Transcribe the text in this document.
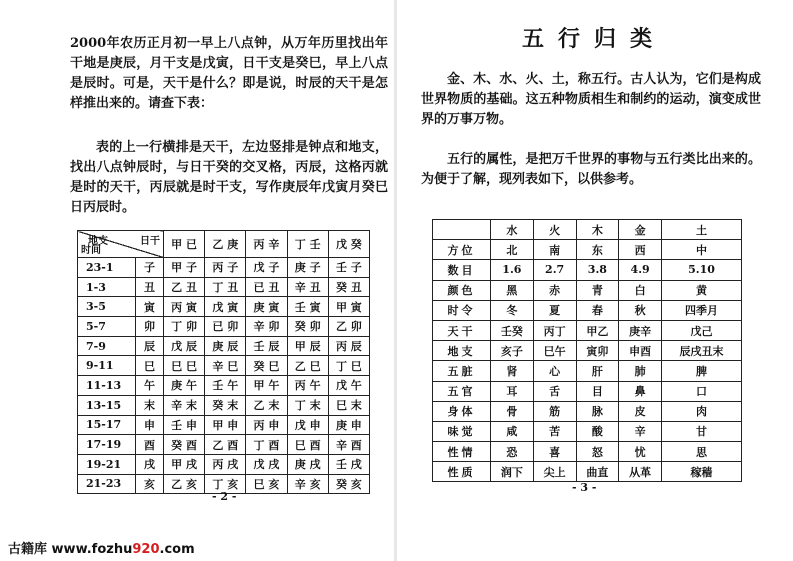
2000年农历正月初一早上八点钟，从万年历里找出年干地是庚辰，月干支是戊寅，日干支是癸巳，早上八点是辰时。可是，天干是什么？即是说，时辰的天干是怎样推出来的。请查下表：

表的上一行横排是天干，左边竖排是钟点和地支，找出八点钟辰时，与日干癸的交叉格，丙辰，这格丙就是时的天干，丙辰就是时干支，写作庚辰年戊寅月癸巳日丙辰时。

日干
地支
时间		甲 已	乙 庚	丙 辛	丁 壬	戊 癸
23-1	子	甲 子	丙 子	戊 子	庚 子	壬 子
1-3	丑	乙 丑	丁 丑	已 丑	辛 丑	癸 丑
3-5	寅	丙 寅	戊 寅	庚 寅	壬 寅	甲 寅
5-7	卯	丁 卯	已 卯	辛 卯	癸 卯	乙 卯
7-9	辰	戊 辰	庚 辰	壬 辰	甲 辰	丙 辰
9-11	巳	巳 巳	辛 巳	癸 巳	乙 巳	丁 巳
11-13	午	庚 午	壬 午	甲 午	丙 午	戊 午
13-15	末	辛 末	癸 末	乙 末	丁 末	巳 末
15-17	申	壬 申	甲 申	丙 申	戊 申	庚 申
17-19	酉	癸 酉	乙 酉	丁 酉	巳 酉	辛 酉
19-21	戌	甲 戌	丙 戌	戊 戌	庚 戌	壬 戌
21-23	亥	乙 亥	丁 亥	巳 亥	辛 亥	癸 亥
- 2 -
五行归类

金、木、水、火、土，称五行。古人认为，它们是构成世界物质的基础。这五种物质相生和制约的运动，演变成世界的万事万物。

五行的属性，是把万千世界的事物与五行类比出来的。为便于了解，现列表如下，以供参考。

	水	火	木	金	土
方位	北	南	东	西	中
数目	1.6	2.7	3.8	4.9	5.10
颜色	黑	赤	青	白	黄
时令	冬	夏	春	秋	四季月
天干	壬癸	丙丁	甲乙	庚辛	戊己
地支	亥子	巳午	寅卯	申酉	辰戌丑末
五脏	肾	心	肝	肺	脾
五官	耳	舌	目	鼻	口
身体	骨	筋	脉	皮	肉
味觉	咸	苦	酸	辛	甘
性情	恐	喜	怒	忧	思
性质	润下	尖上	曲直	从革	稼穑
- 3 -
古籍库 www.fozhu920.com
